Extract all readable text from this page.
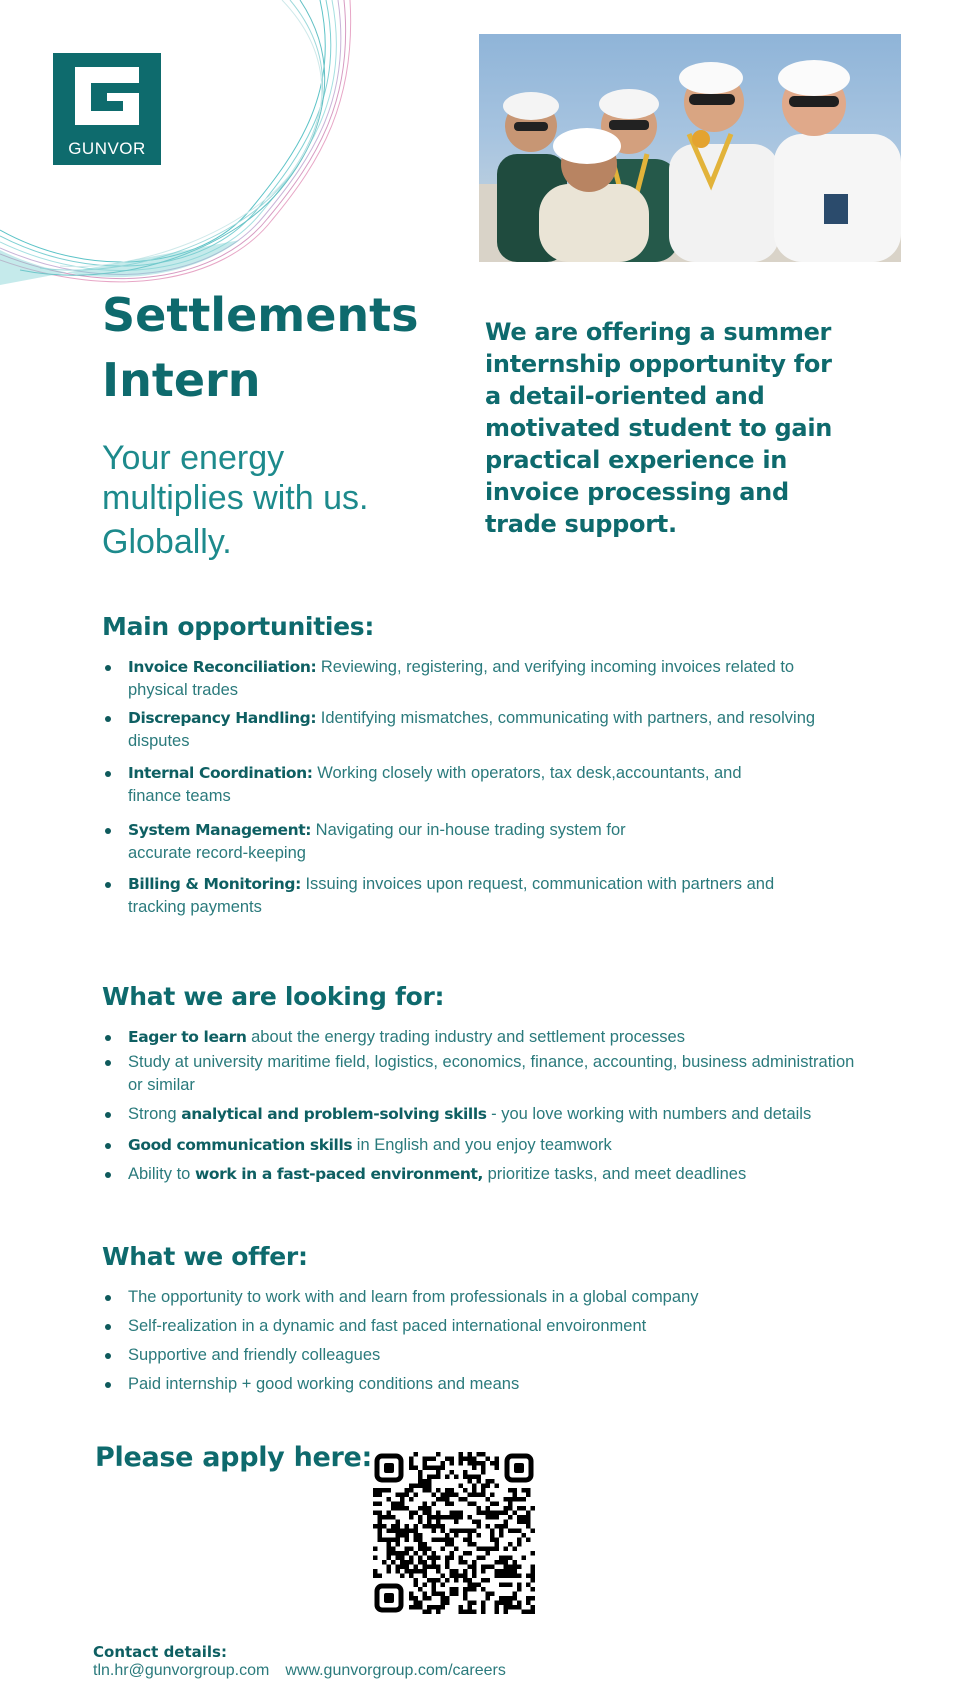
GUNVOR
Settlements
Intern
Your energy
multiplies with us.
Globally.
We are offering a summer internship opportunity for a detail-oriented and motivated student to gain practical experience in invoice processing and trade support.
Main opportunities:
Invoice Reconciliation: Reviewing, registering, and verifying incoming invoices related to physical trades
Discrepancy Handling: Identifying mismatches, communicating with partners, and resolving disputes
Internal Coordination: Working closely with operators, tax desk,accountants, and finance teams
System Management: Navigating our in-house trading system for accurate record-keeping
Billing & Monitoring: Issuing invoices upon request, communication with partners and tracking payments
What we are looking for:
Eager to learn about the energy trading industry and settlement processes
Study at university maritime field, logistics, economics, finance, accounting, business administration or similar
Strong analytical and problem-solving skills - you love working with numbers and details
Good communication skills in English and you enjoy teamwork
Ability to work in a fast-paced environment, prioritize tasks, and meet deadlines
What we offer:
The opportunity to work with and learn from professionals in a global company
Self-realization in a dynamic and fast paced international envoironment
Supportive and friendly colleagues
Paid internship + good working conditions and means
Please apply here:
Contact details:
tln.hr@gunvorgroup.com www.gunvorgroup.com/careers
